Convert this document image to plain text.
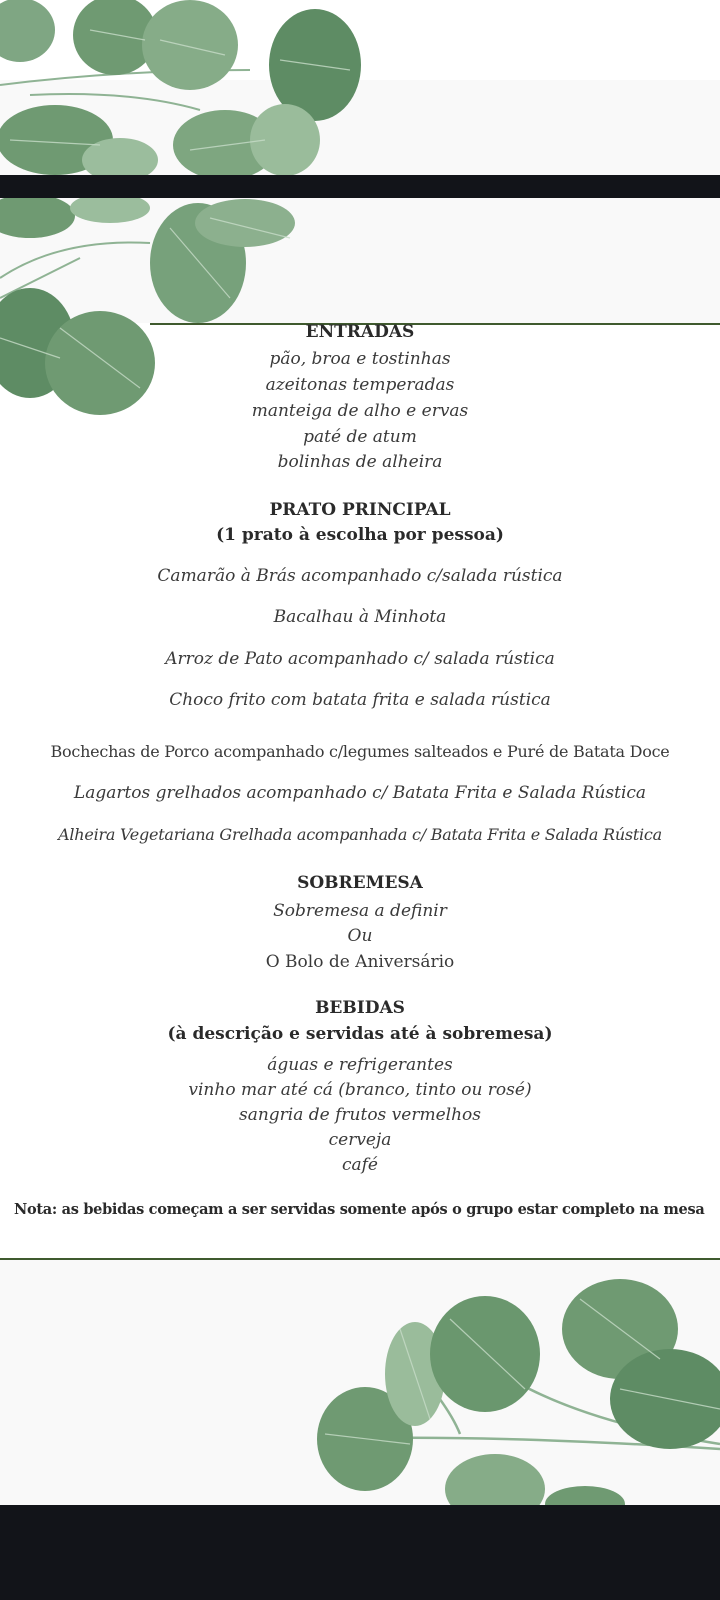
ENTRADAS
pão, broa e tostinhas
azeitonas temperadas
manteiga de alho e ervas
paté de atum
bolinhas de alheira
PRATO PRINCIPAL
(1 prato à escolha por pessoa)
Camarão à Brás acompanhado c/salada rústica
Bacalhau à Minhota
Arroz de Pato acompanhado c/ salada rústica
Choco frito com batata frita e salada rústica
Bochechas de Porco acompanhado c/legumes salteados e Puré de Batata Doce
Lagartos grelhados acompanhado c/ Batata Frita e Salada Rústica
Alheira Vegetariana Grelhada acompanhada c/ Batata Frita e Salada Rústica
SOBREMESA
Sobremesa a definir
Ou
O Bolo de Aniversário
BEBIDAS
(à descrição e servidas até à sobremesa)
águas e refrigerantes
vinho mar até cá (branco, tinto ou rosé)
sangria de frutos vermelhos
cerveja
café
Nota: as bebidas começam a ser servidas somente após o grupo estar completo na mesa
